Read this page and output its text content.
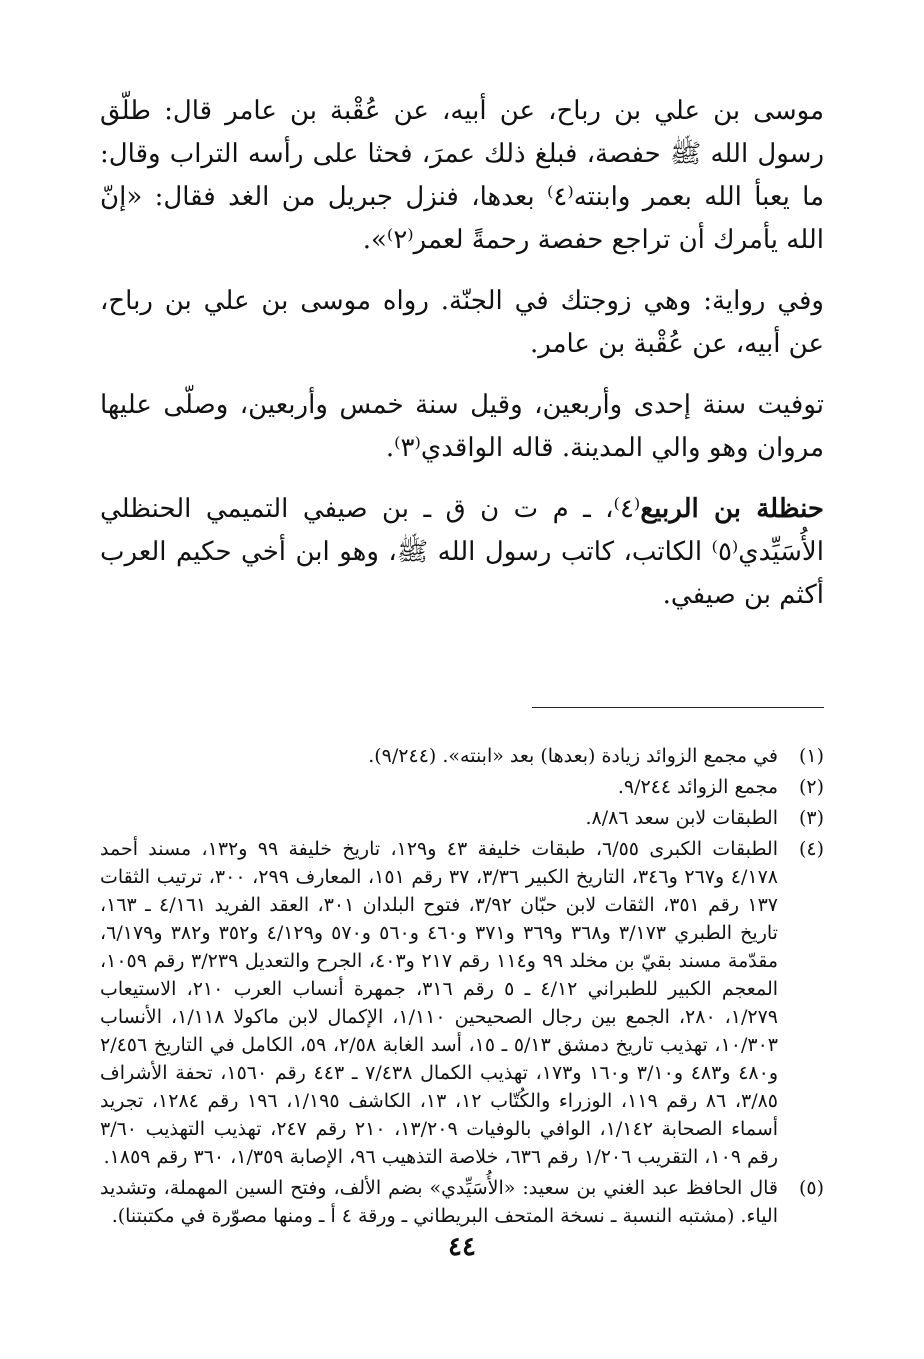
موسى بن علي بن رباح، عن أبيه، عن عُقْبة بن عامر قال: طلّق رسول الله ﷺ حفصة، فبلغ ذلك عمرَ، فحثا على رأسه التراب وقال: ما يعبأ الله بعمر وابنته⁽٤⁾ بعدها، فنزل جبريل من الغد فقال: «إنّ الله يأمرك أن تراجع حفصة رحمةً لعمر⁽٢⁾».

وفي رواية: وهي زوجتك في الجنّة. رواه موسى بن علي بن رباح، عن أبيه، عن عُقْبة بن عامر.

توفيت سنة إحدى وأربعين، وقيل سنة خمس وأربعين، وصلّى عليها مروان وهو والي المدينة. قاله الواقدي⁽٣⁾.

حنظلة بن الربيع⁽٤⁾، ـ م ت ن ق ـ بن صيفي التميمي الحنظلي الأُسَيِّدي⁽٥⁾ الكاتب، كاتب رسول الله ﷺ، وهو ابن أخي حكيم العرب أكثم بن صيفي.

(١)
في مجمع الزوائد زيادة (بعدها) بعد «ابنته». (٩/٢٤٤).
(٢)
مجمع الزوائد ٩/٢٤٤.
(٣)
الطبقات لابن سعد ٨/٨٦.
(٤)
الطبقات الكبرى ٦/٥٥، طبقات خليفة ٤٣ و١٢٩، تاريخ خليفة ٩٩ و١٣٢، مسند أحمد ٤/١٧٨ و٢٦٧ و٣٤٦، التاريخ الكبير ٣/٣٦، ٣٧ رقم ١٥١، المعارف ٢٩٩، ٣٠٠، ترتيب الثقات ١٣٧ رقم ٣٥١، الثقات لابن حبّان ٣/٩٢، فتوح البلدان ٣٠١، العقد الفريد ٤/١٦١ ـ ١٦٣، تاريخ الطبري ٣/١٧٣ و٣٦٨ و٣٦٩ و٣٧١ و٤٦٠ و٥٦٠ و٥٧٠ و٤/١٢٩ و٣٥٢ و٣٨٢ و٦/١٧٩، مقدّمة مسند بقيّ بن مخلد ٩٩ و١١٤ رقم ٢١٧ و٤٠٣، الجرح والتعديل ٣/٢٣٩ رقم ١٠٥٩، المعجم الكبير للطبراني ٤/١٢ ـ ٥ رقم ٣١٦، جمهرة أنساب العرب ٢١٠، الاستيعاب ١/٢٧٩، ٢٨٠، الجمع بين رجال الصحيحين ١/١١٠، الإكمال لابن ماكولا ١/١١٨، الأنساب ١٠/٣٠٣، تهذيب تاريخ دمشق ٥/١٣ ـ ١٥، أسد الغابة ٢/٥٨، ٥٩، الكامل في التاريخ ٢/٤٥٦ و٤٨٠ و٤٨٣ و٣/١٠ و١٦٠ و١٧٣، تهذيب الكمال ٧/٤٣٨ ـ ٤٤٣ رقم ١٥٦٠، تحفة الأشراف ٣/٨٥، ٨٦ رقم ١١٩، الوزراء والكُتّاب ١٢، ١٣، الكاشف ١/١٩٥، ١٩٦ رقم ١٢٨٤، تجريد أسماء الصحابة ١/١٤٢، الوافي بالوفيات ١٣/٢٠٩، ٢١٠ رقم ٢٤٧، تهذيب التهذيب ٣/٦٠ رقم ١٠٩، التقريب ١/٢٠٦ رقم ٦٣٦، خلاصة التذهيب ٩٦، الإصابة ١/٣٥٩، ٣٦٠ رقم ١٨٥٩.
(٥)
قال الحافظ عبد الغني بن سعيد: «الأُسَيِّدي» بضم الألف، وفتح السين المهملة، وتشديد الياء. (مشتبه النسبة ـ نسخة المتحف البريطاني ـ ورقة ٤ أ ـ ومنها مصوّرة في مكتبتنا).
٤٤
